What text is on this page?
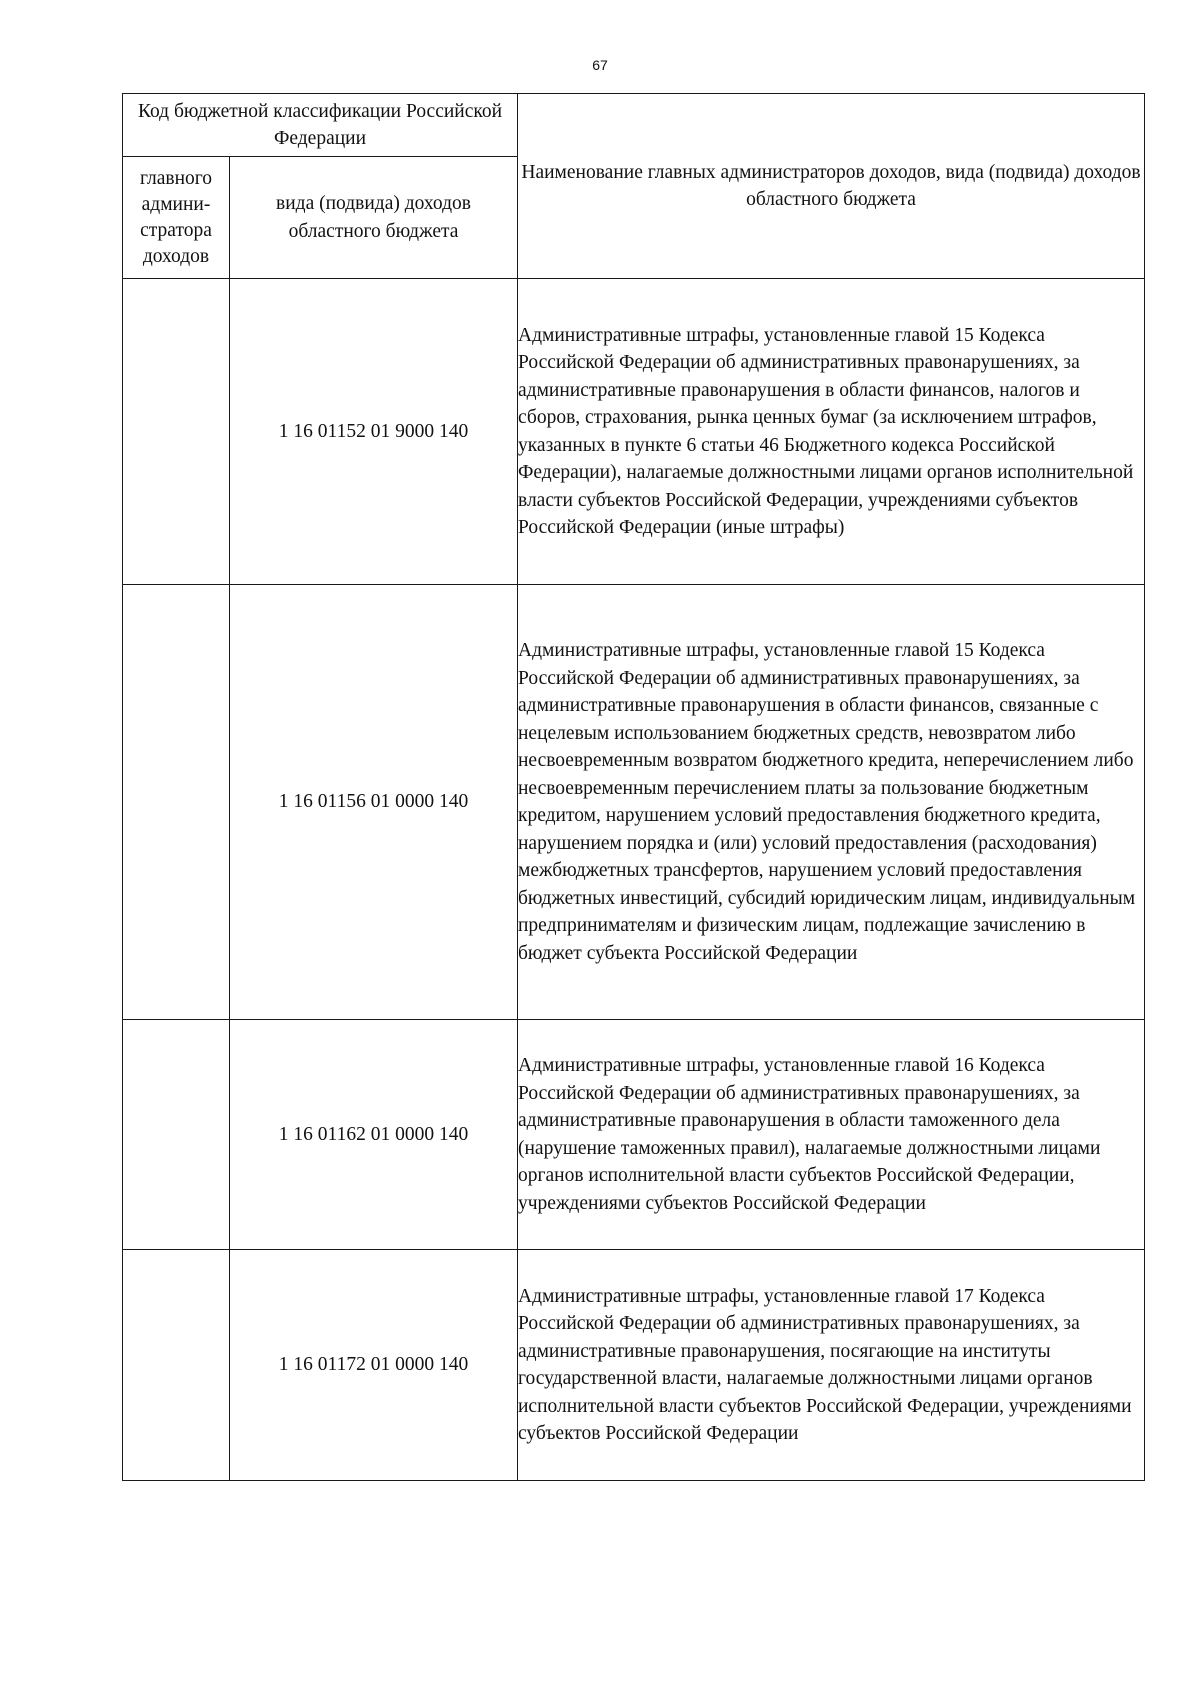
67
Код бюджетной классификации Российской Федерации		Наименование главных администраторов доходов, вида (подвида) доходов областного бюджета
главного админи- стратора доходов	вида (подвида) доходов областного бюджета	
	1 16 01152 01 9000 140	Административные штрафы, установленные главой 15 Кодекса Российской Федерации об административных правонарушениях, за административные правонарушения в области финансов, налогов и сборов, страхования, рынка ценных бумаг (за исключением штрафов, указанных в пункте 6 статьи 46 Бюджетного кодекса Российской Федерации), налагаемые должностными лицами органов исполнительной власти субъектов Российской Федерации, учреждениями субъектов Российской Федерации (иные штрафы)
	1 16 01156 01 0000 140	Административные штрафы, установленные главой 15 Кодекса Российской Федерации об административных правонарушениях, за административные правонарушения в области финансов, связанные с нецелевым использованием бюджетных средств, невозвратом либо несвоевременным возвратом бюджетного кредита, неперечислением либо несвоевременным перечислением платы за пользование бюджетным кредитом, нарушением условий предоставления бюджетного кредита, нарушением порядка и (или) условий предоставления (расходования) межбюджетных трансфертов, нарушением условий предоставления бюджетных инвестиций, субсидий юридическим лицам, индивидуальным предпринимателям и физическим лицам, подлежащие зачислению в бюджет субъекта Российской Федерации
	1 16 01162 01 0000 140	Административные штрафы, установленные главой 16 Кодекса Российской Федерации об административных правонарушениях, за административные правонарушения в области таможенного дела (нарушение таможенных правил), налагаемые должностными лицами органов исполнительной власти субъектов Российской Федерации, учреждениями субъектов Российской Федерации
	1 16 01172 01 0000 140	Административные штрафы, установленные главой 17 Кодекса Российской Федерации об административных правонарушениях, за административные правонарушения, посягающие на институты государственной власти, налагаемые должностными лицами органов исполнительной власти субъектов Российской Федерации, учреждениями субъектов Российской Федерации
